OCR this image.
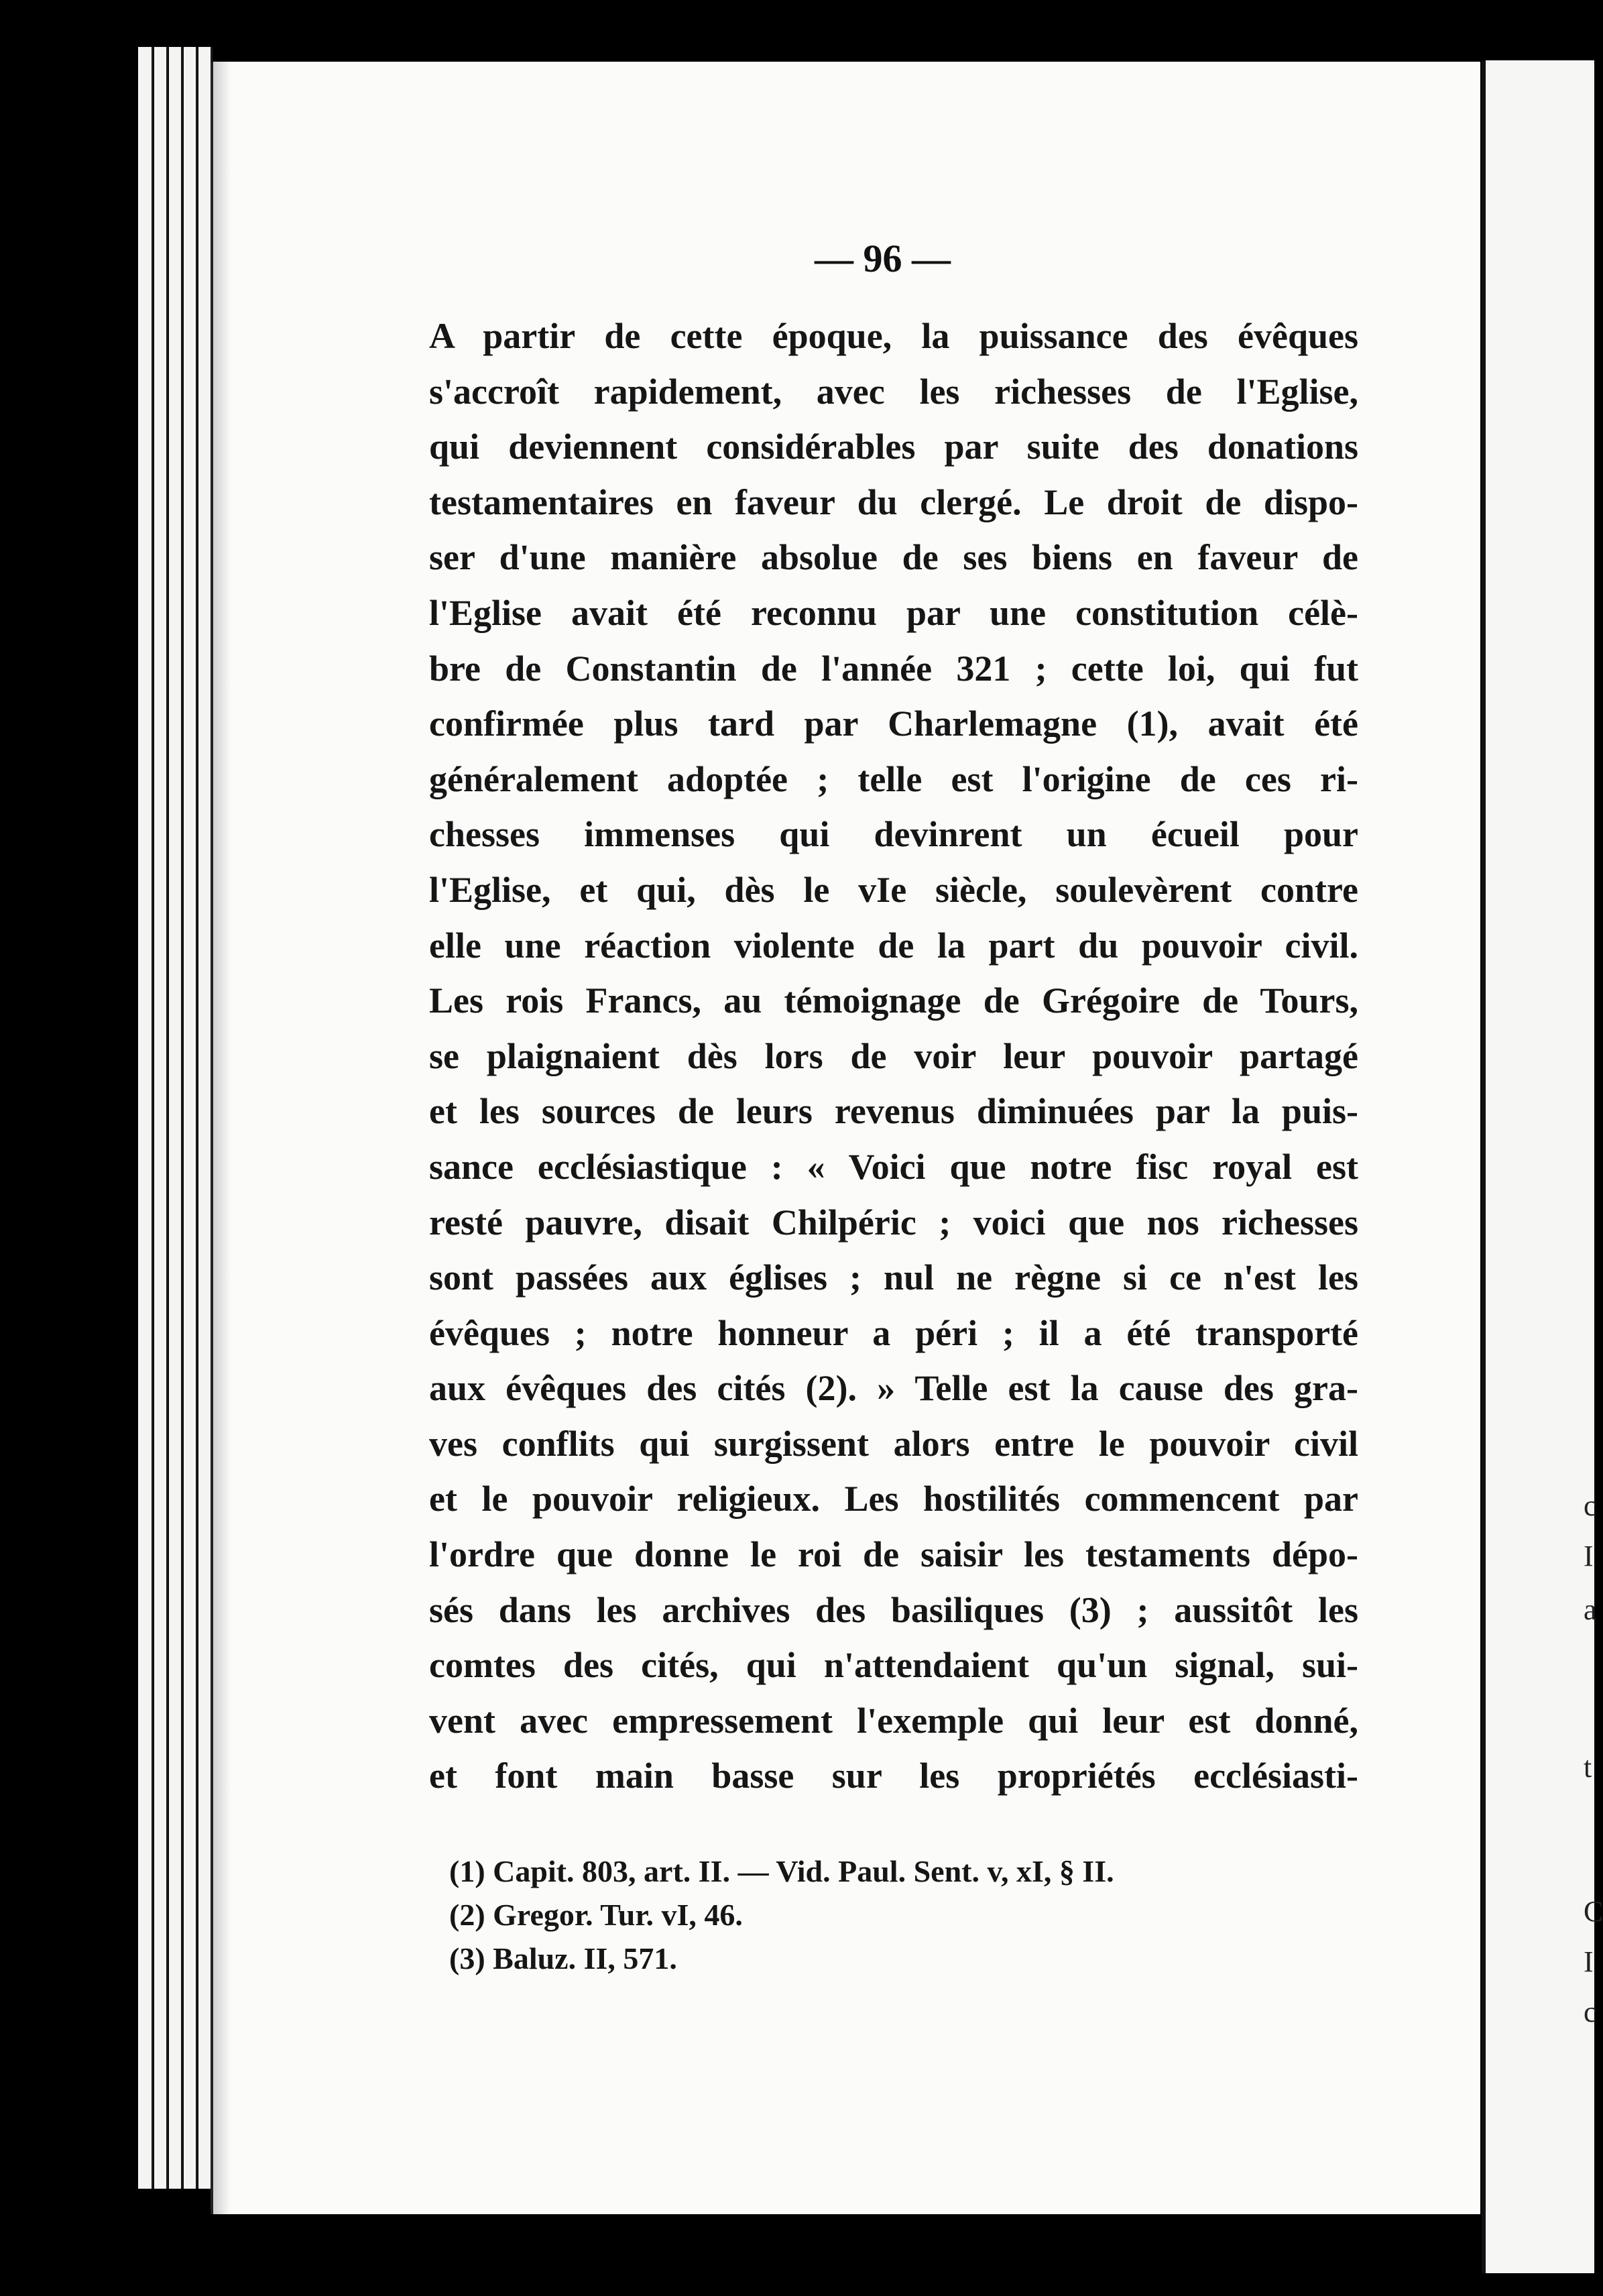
c
I
a
t
C
I
c
— 96 —
A partir de cette époque, la puissance des évêques
s'accroît rapidement, avec les richesses de l'Eglise,
qui deviennent considérables par suite des donations
testamentaires en faveur du clergé. Le droit de dispo-
ser d'une manière absolue de ses biens en faveur de
l'Eglise avait été reconnu par une constitution célè-
bre de Constantin de l'année 321 ; cette loi, qui fut
confirmée plus tard par Charlemagne (1), avait été
généralement adoptée ; telle est l'origine de ces ri-
chesses immenses qui devinrent un écueil pour
l'Eglise, et qui, dès le vIe siècle, soulevèrent contre
elle une réaction violente de la part du pouvoir civil.
Les rois Francs, au témoignage de Grégoire de Tours,
se plaignaient dès lors de voir leur pouvoir partagé
et les sources de leurs revenus diminuées par la puis-
sance ecclésiastique : « Voici que notre fisc royal est
resté pauvre, disait Chilpéric ; voici que nos richesses
sont passées aux églises ; nul ne règne si ce n'est les
évêques ; notre honneur a péri ; il a été transporté
aux évêques des cités (2). » Telle est la cause des gra-
ves conflits qui surgissent alors entre le pouvoir civil
et le pouvoir religieux. Les hostilités commencent par
l'ordre que donne le roi de saisir les testaments dépo-
sés dans les archives des basiliques (3) ; aussitôt les
comtes des cités, qui n'attendaient qu'un signal, sui-
vent avec empressement l'exemple qui leur est donné,
et font main basse sur les propriétés ecclésiasti-
(1) Capit. 803, art. II. — Vid. Paul. Sent. v, xI, § II.
(2) Gregor. Tur. vI, 46.
(3) Baluz. II, 571.
